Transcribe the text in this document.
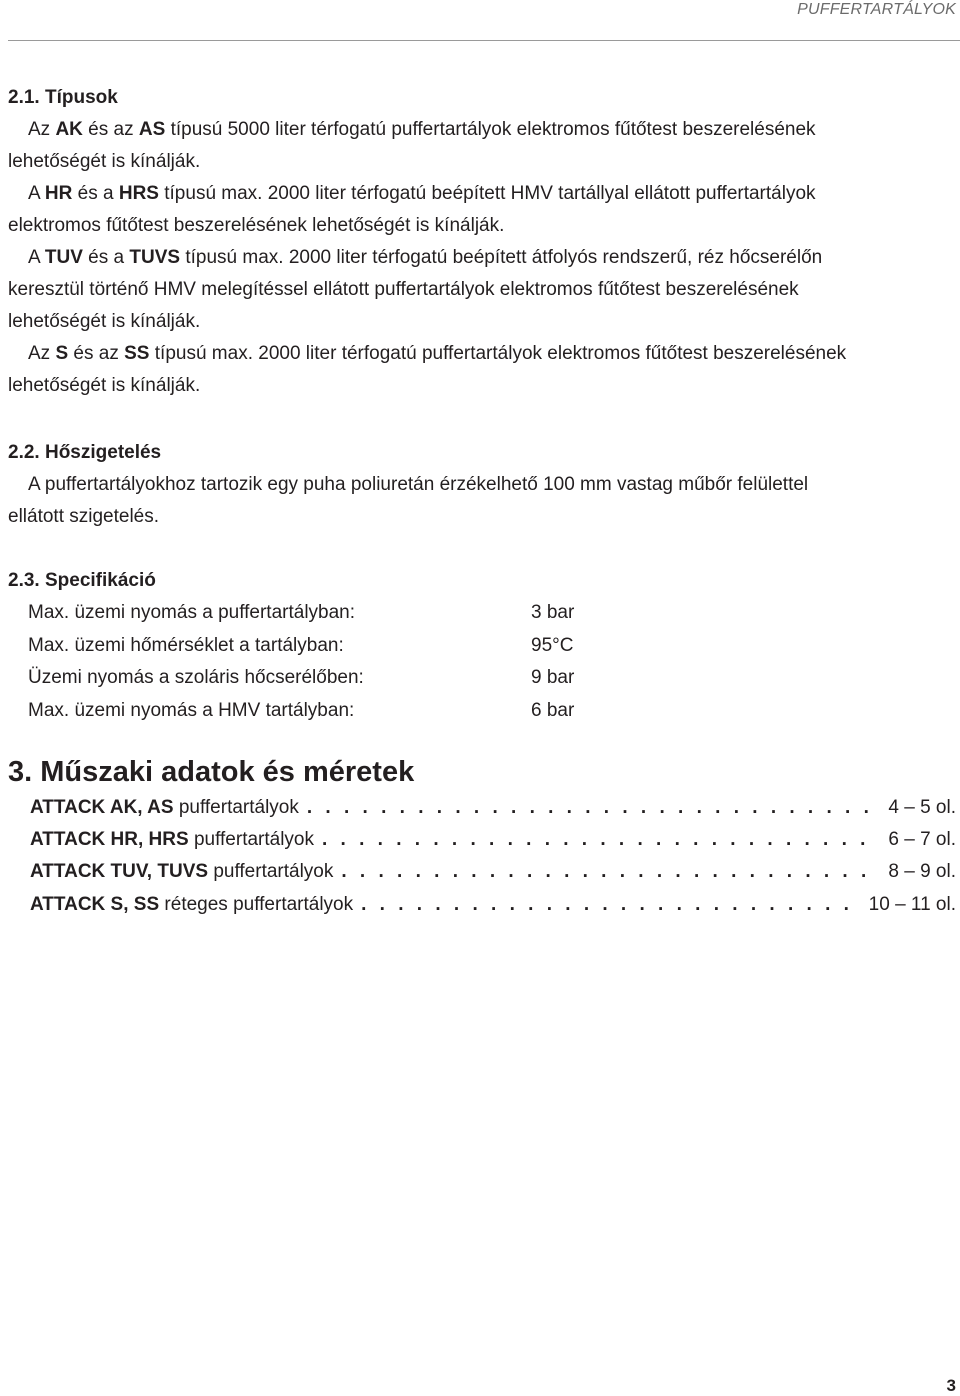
PUFFERTARTÁLYOK

2.1. Típusok

Az AK és az AS típusú 5000 liter térfogatú puffertartályok elektromos fűtőtest beszerelésének

lehetőségét is kínálják.

A HR és a HRS típusú max. 2000 liter térfogatú beépített HMV tartállyal ellátott puffertartályok

elektromos fűtőtest beszerelésének lehetőségét is kínálják.

A TUV és a TUVS típusú max. 2000 liter térfogatú beépített átfolyós rendszerű, réz hőcserélőn

keresztül történő HMV melegítéssel ellátott puffertartályok elektromos fűtőtest beszerelésének

lehetőségét is kínálják.

Az S és az SS típusú max. 2000 liter térfogatú puffertartályok elektromos fűtőtest beszerelésének

lehetőségét is kínálják.

2.2. Hőszigetelés

A puffertartályokhoz tartozik egy puha poliuretán érzékelhető 100 mm vastag műbőr felülettel

ellátott szigetelés.

2.3. Specifikáció

Max. üzemi nyomás a puffertartályban:	3 bar
Max. üzemi hőmérséklet a tartályban:	95°C
Üzemi nyomás a szoláris hőcserélőben:	9 bar
Max. üzemi nyomás a HMV tartályban:	6 bar
3. Műszaki adatok és méretek
ATTACK AK, AS puffertartályok . . .	4 – 5 ol.
ATTACK HR, HRS puffertartályok . . .	6 – 7 ol.
ATTACK TUV, TUVS puffertartályok . . .	8 – 9 ol.
ATTACK S, SS réteges puffertartályok . . .	10 – 11 ol.
3
